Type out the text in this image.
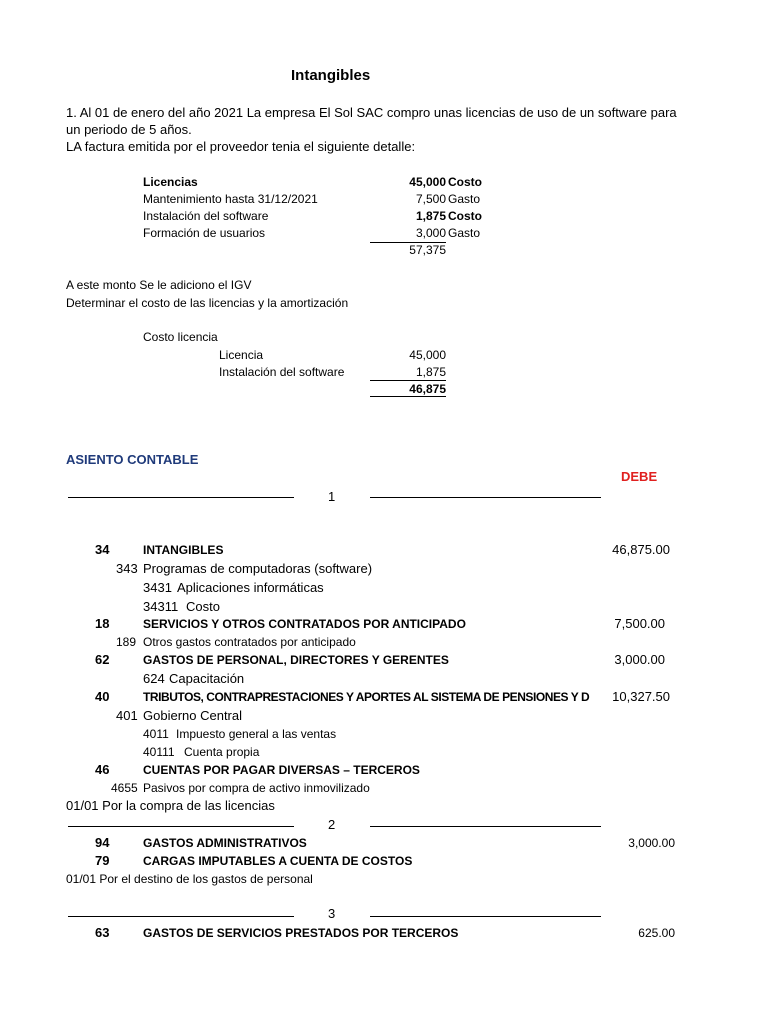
Intangibles
1. Al 01 de enero del año 2021 La empresa El Sol SAC compro unas licencias de uso de un software para
un periodo de 5 años.
LA factura emitida por el proveedor tenia el siguiente detalle:
Licencias	45,000 Costo
Mantenimiento hasta 31/12/2021	7,500 Gasto
Instalación del software	1,875 Costo
Formación de usuarios	3,000 Gasto
57,375
A este monto Se le adiciono el IGV
Determinar el costo de las licencias y la amortización
Costo licencia
Licencia	45,000
Instalación del software	1,875
46,875
ASIENTO CONTABLE
DEBE
1
34	INTANGIBLES	46,875.00
343 Programas de computadoras (software)
3431 Aplicaciones informáticas
34311 Costo
18	SERVICIOS Y OTROS CONTRATADOS POR ANTICIPADO	7,500.00
189 Otros gastos contratados por anticipado
62	GASTOS DE PERSONAL, DIRECTORES Y GERENTES	3,000.00
624 Capacitación
40	TRIBUTOS, CONTRAPRESTACIONES Y APORTES AL SISTEMA DE PENSIONES Y D	10,327.50
401 Gobierno Central
4011 Impuesto general a las ventas
40111 Cuenta propia
46	CUENTAS POR PAGAR DIVERSAS – TERCEROS
4655 Pasivos por compra de activo inmovilizado
01/01 Por la compra de las licencias
2
94	GASTOS ADMINISTRATIVOS	3,000.00
79	CARGAS IMPUTABLES A CUENTA DE COSTOS
01/01 Por el destino de los gastos de personal
3
63	GASTOS DE SERVICIOS PRESTADOS POR TERCEROS	625.00
